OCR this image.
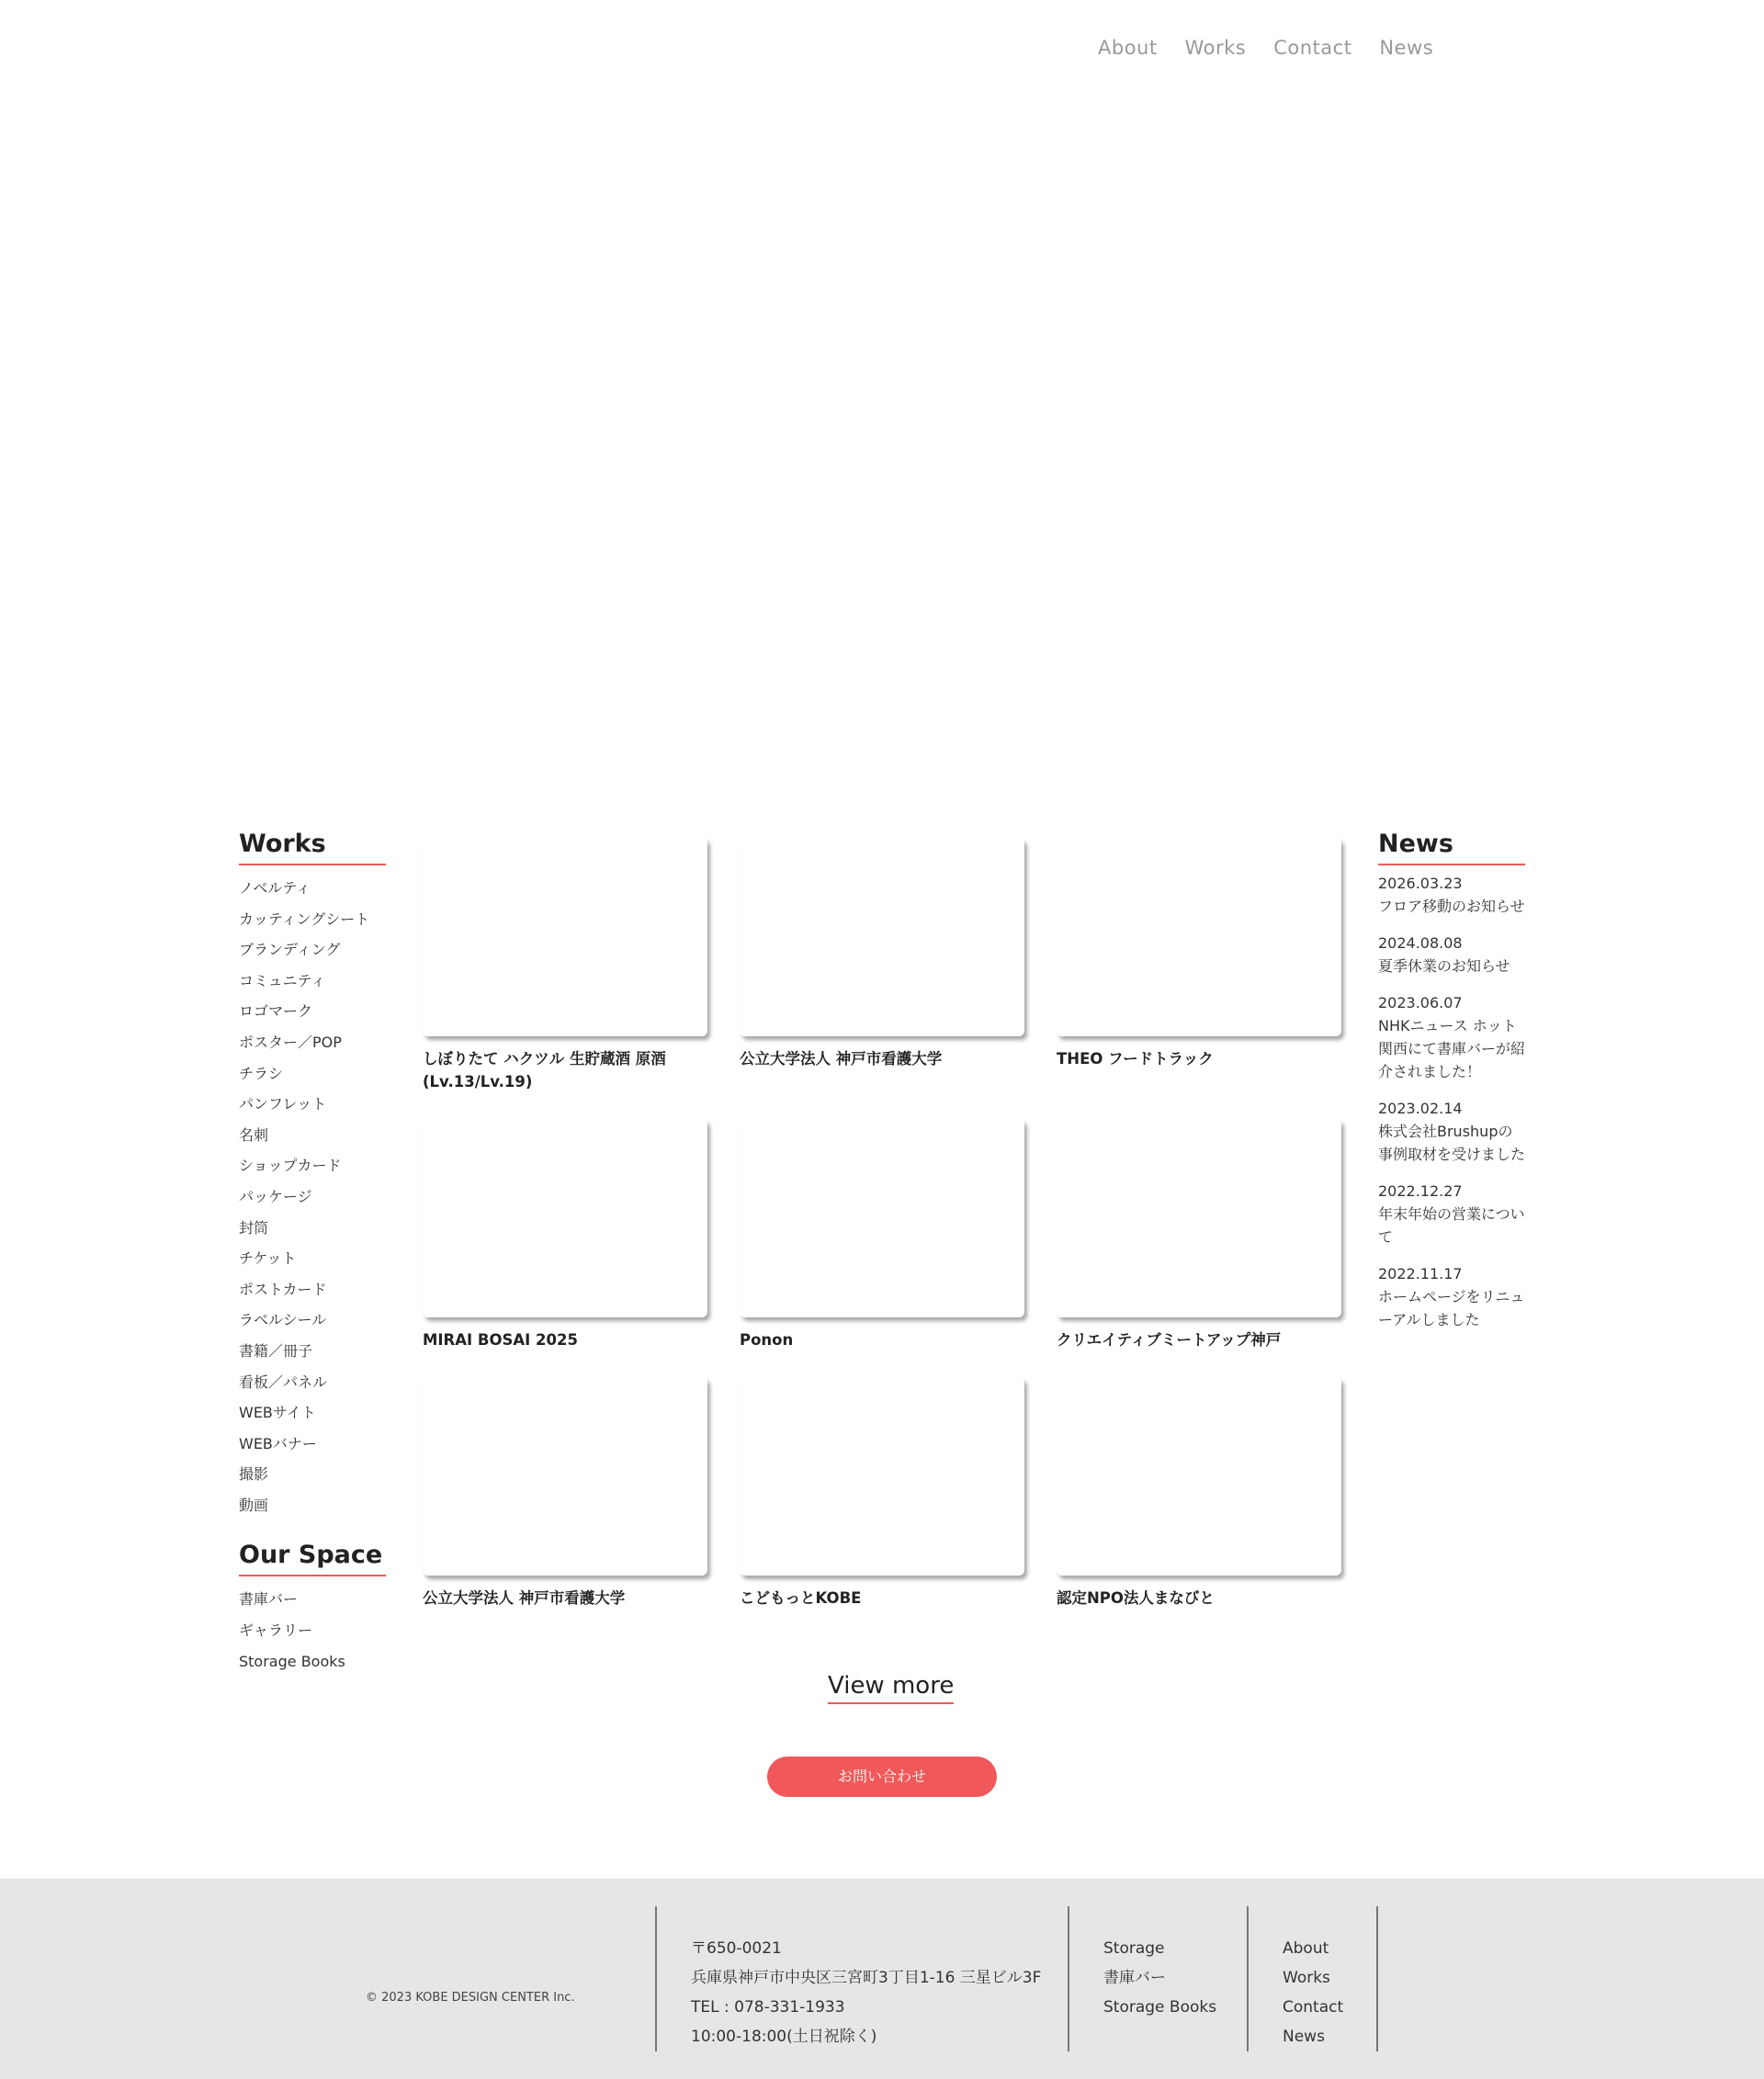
About Works Contact News
Works
ノベルティ
カッティングシート
ブランディング
コミュニティ
ロゴマーク
ポスター／POP
チラシ
パンフレット
名刺
ショップカード
パッケージ
封筒
チケット
ポストカード
ラベルシール
書籍／冊子
看板／パネル
WEBサイト
WEBバナー
撮影
動画
Our Space
書庫バー
ギャラリー
Storage Books
しぼりたて ハクツル 生貯蔵酒 原酒
(Lv.13/Lv.19)
公立大学法人 神戸市看護大学	THEO フードトラック
MIRAI BOSAI 2025	Ponon	クリエイティブミートアップ神戸
公立大学法人 神戸市看護大学	こどもっとKOBE	認定NPO法人まなびと
News
2026.03.23
フロア移動のお知らせ
2024.08.08
夏季休業のお知らせ
2023.06.07
NHKニュース ホット関西にて書庫バーが紹介されました！
2023.02.14
株式会社Brushupの事例取材を受けました
2022.12.27
年末年始の営業について
2022.11.17
ホームページをリニューアルしました
View more
お問い合わせ
© 2023 KOBE DESIGN CENTER Inc.
〒650-0021
兵庫県神戸市中央区三宮町3丁目1-16 三星ビル3F
TEL : 078-331-1933
10:00-18:00(土日祝除く)
Storage
書庫バー
Storage Books
About
Works
Contact
News
